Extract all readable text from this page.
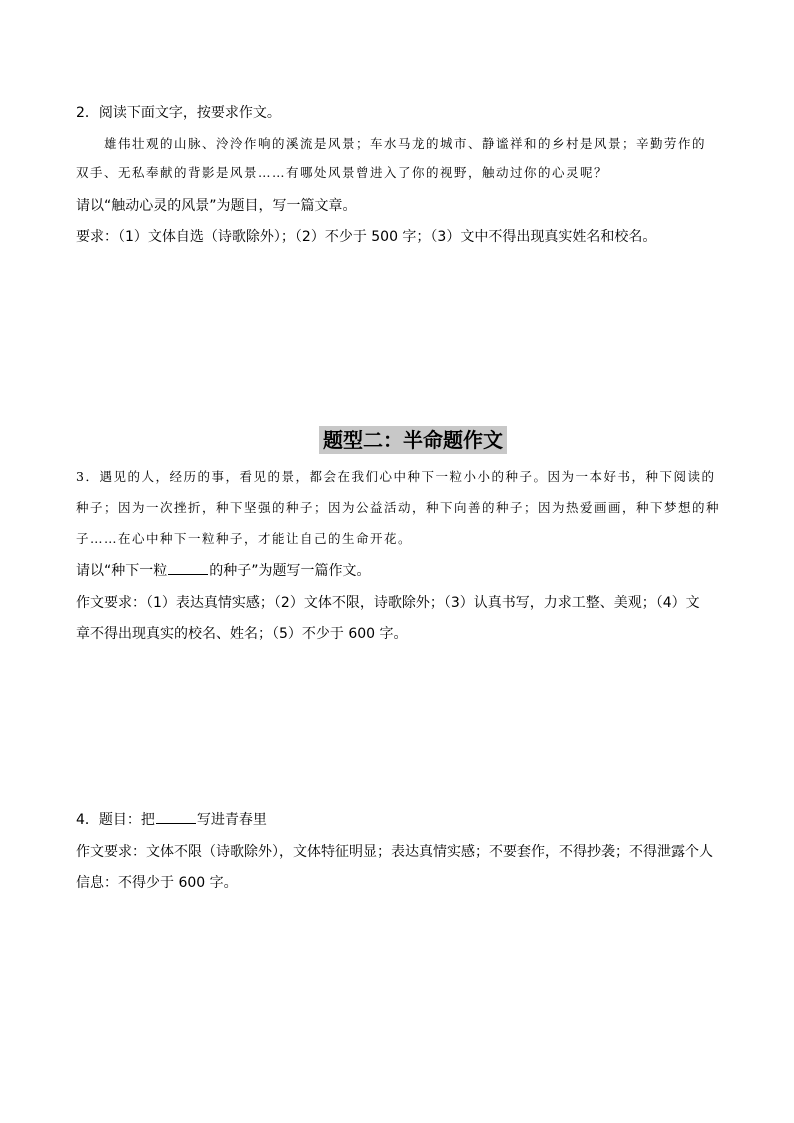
2．阅读下面文字，按要求作文。
雄伟壮观的山脉、泠泠作响的溪流是风景；车水马龙的城市、静谧祥和的乡村是风景；辛勤劳作的
双手、无私奉献的背影是风景……有哪处风景曾进入了你的视野，触动过你的心灵呢？
请以“触动心灵的风景”为题目，写一篇文章。
要求：（1）文体自选（诗歌除外）；（2）不少于 500 字；（3）文中不得出现真实姓名和校名。
题型二：半命题作文
3．遇见的人，经历的事，看见的景，都会在我们心中种下一粒小小的种子。因为一本好书，种下阅读的
种子；因为一次挫折，种下坚强的种子；因为公益活动，种下向善的种子；因为热爱画画，种下梦想的种
子……在心中种下一粒种子，才能让自己的生命开花。
请以“种下一粒	的种子”为题写一篇作文。
作文要求：（1）表达真情实感；（2）文体不限，诗歌除外；（3）认真书写，力求工整、美观；（4）文
章不得出现真实的校名、姓名；（5）不少于 600 字。
4．题目：把	写进青春里
作文要求：文体不限（诗歌除外），文体特征明显；表达真情实感；不要套作，不得抄袭；不得泄露个人
信息：不得少于 600 字。
